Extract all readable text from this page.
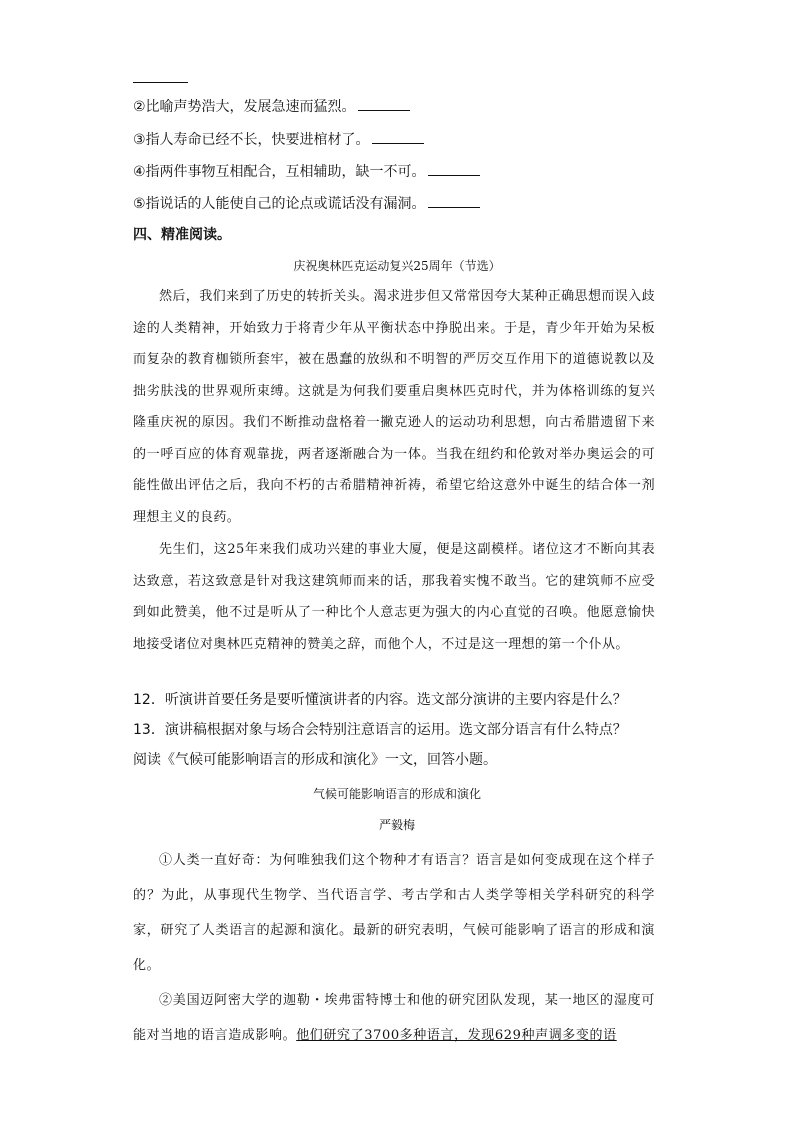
②比喻声势浩大，发展急速而猛烈。
③指人寿命已经不长，快要进棺材了。
④指两件事物互相配合，互相辅助，缺一不可。
⑤指说话的人能使自己的论点或谎话没有漏洞。
四、精准阅读。
庆祝奥林匹克运动复兴25周年（节选）

然后，我们来到了历史的转折关头。渴求进步但又常常因夸大某种正确思想而误入歧途的人类精神，开始致力于将青少年从平衡状态中挣脱出来。于是，青少年开始为呆板而复杂的教育枷锁所套牢，被在愚蠢的放纵和不明智的严厉交互作用下的道德说教以及拙劣肤浅的世界观所束缚。这就是为何我们要重启奥林匹克时代，并为体格训练的复兴隆重庆祝的原因。我们不断推动盘格着一撇克逊人的运动功利思想，向古希腊遗留下来的一呼百应的体育观靠拢，两者逐渐融合为一体。当我在纽约和伦敦对举办奥运会的可能性做出评估之后，我向不朽的古希腊精神祈祷，希望它给这意外中诞生的结合体一剂理想主义的良药。

先生们，这25年来我们成功兴建的事业大厦，便是这副模样。诸位这才不断向其表达致意，若这致意是针对我这建筑师而来的话，那我着实愧不敢当。它的建筑师不应受到如此赞美，他不过是听从了一种比个人意志更为强大的内心直觉的召唤。他愿意愉快地接受诸位对奥林匹克精神的赞美之辞，而他个人，不过是这一理想的第一个仆从。

12．听演讲首要任务是要听懂演讲者的内容。选文部分演讲的主要内容是什么？
13．演讲稿根据对象与场合会特别注意语言的运用。选文部分语言有什么特点？
阅读《气候可能影响语言的形成和演化》一文，回答小题。
气候可能影响语言的形成和演化
严毅梅

①人类一直好奇：为何唯独我们这个物种才有语言？语言是如何变成现在这个样子的？为此，从事现代生物学、当代语言学、考古学和古人类学等相关学科研究的科学家，研究了人类语言的起源和演化。最新的研究表明，气候可能影响了语言的形成和演化。

②美国迈阿密大学的迦勒・埃弗雷特博士和他的研究团队发现，某一地区的湿度可能对当地的语言造成影响。他们研究了3700多种语言，发现629种声调多变的语
